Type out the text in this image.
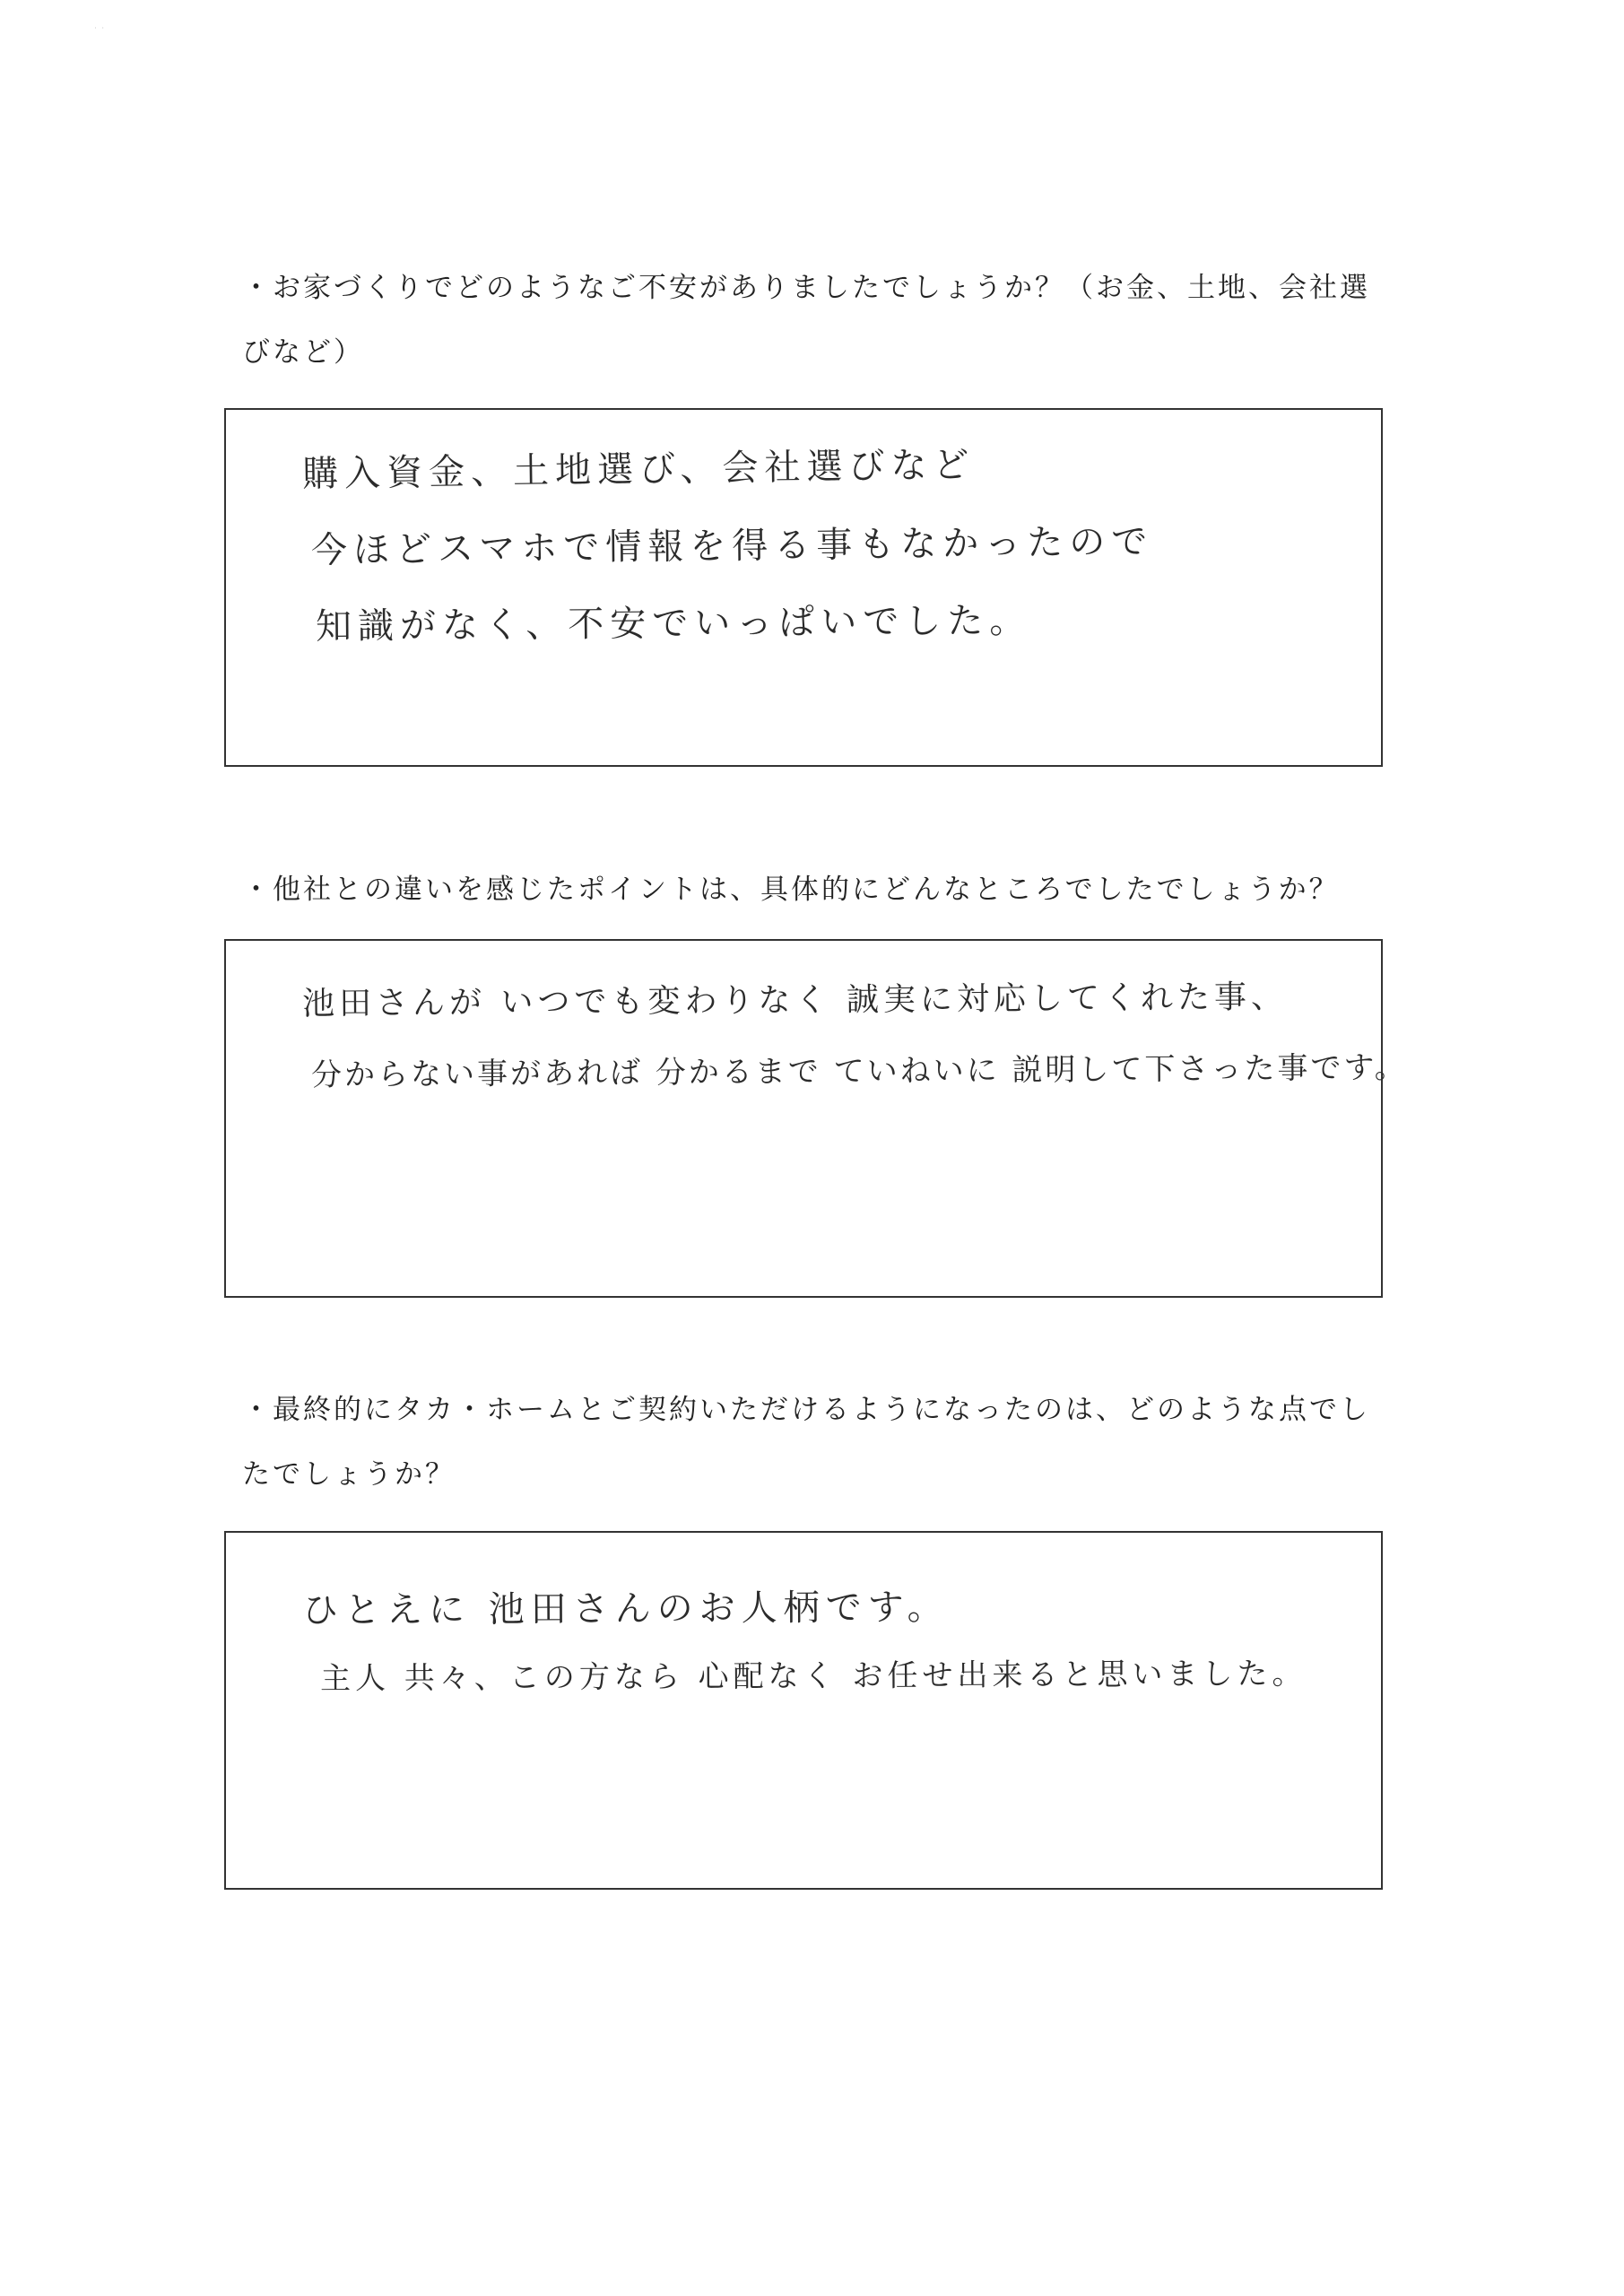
˙ ˙

・お家づくりでどのようなご不安がありましたでしょうか？（お金、土地、会社選びなど）

購入資金、土地選び、会社選びなど
今ほどスマホで情報を得る事もなかったので
知識がなく、不安でいっぱいでした。

・他社との違いを感じたポイントは、具体的にどんなところでしたでしょうか？

池田さんが いつでも変わりなく 誠実に対応してくれた事、
分からない事があれば 分かるまで ていねいに 説明して下さった事です。

・最終的にタカ・ホームとご契約いただけるようになったのは、どのような点でしたでしょうか？

ひとえに 池田さんのお人柄です。
主人 共々、この方なら 心配なく お任せ出来ると思いました。
